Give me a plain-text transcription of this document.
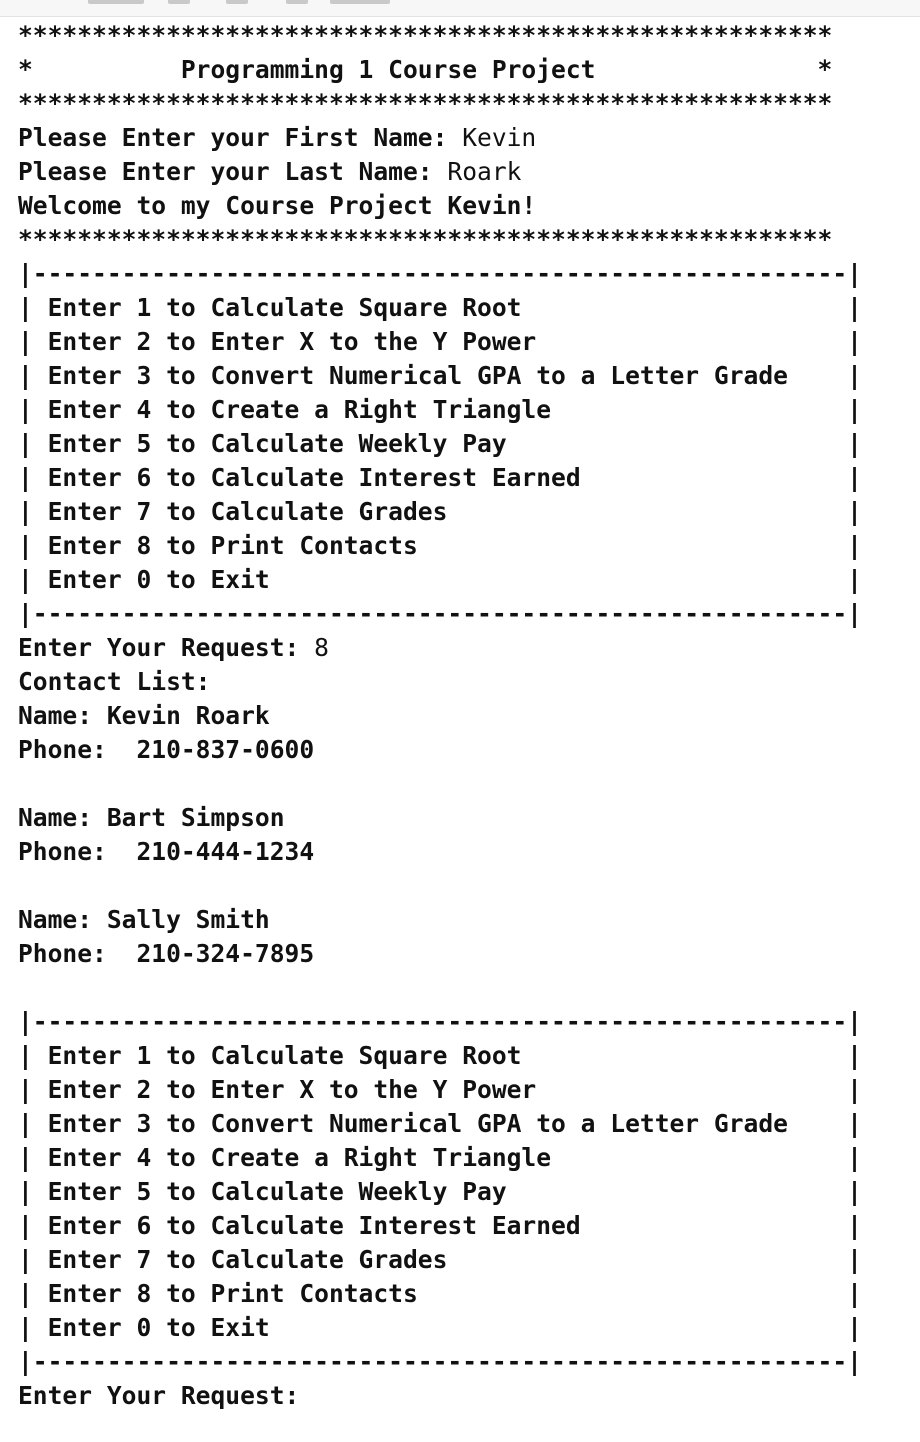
*******************************************************
*          Programming 1 Course Project               *
*******************************************************
Please Enter your First Name: Kevin
Please Enter your Last Name: Roark
Welcome to my Course Project Kevin!
*******************************************************
|-------------------------------------------------------|
| Enter 1 to Calculate Square Root                      |
| Enter 2 to Enter X to the Y Power                     |
| Enter 3 to Convert Numerical GPA to a Letter Grade    |
| Enter 4 to Create a Right Triangle                    |
| Enter 5 to Calculate Weekly Pay                       |
| Enter 6 to Calculate Interest Earned                  |
| Enter 7 to Calculate Grades                           |
| Enter 8 to Print Contacts                             |
| Enter 0 to Exit                                       |
|-------------------------------------------------------|
Enter Your Request: 8
Contact List:
Name: Kevin Roark
Phone:  210-837-0600
Name: Bart Simpson
Phone:  210-444-1234
Name: Sally Smith
Phone:  210-324-7895
|-------------------------------------------------------|
| Enter 1 to Calculate Square Root                      |
| Enter 2 to Enter X to the Y Power                     |
| Enter 3 to Convert Numerical GPA to a Letter Grade    |
| Enter 4 to Create a Right Triangle                    |
| Enter 5 to Calculate Weekly Pay                       |
| Enter 6 to Calculate Interest Earned                  |
| Enter 7 to Calculate Grades                           |
| Enter 8 to Print Contacts                             |
| Enter 0 to Exit                                       |
|-------------------------------------------------------|
Enter Your Request:
